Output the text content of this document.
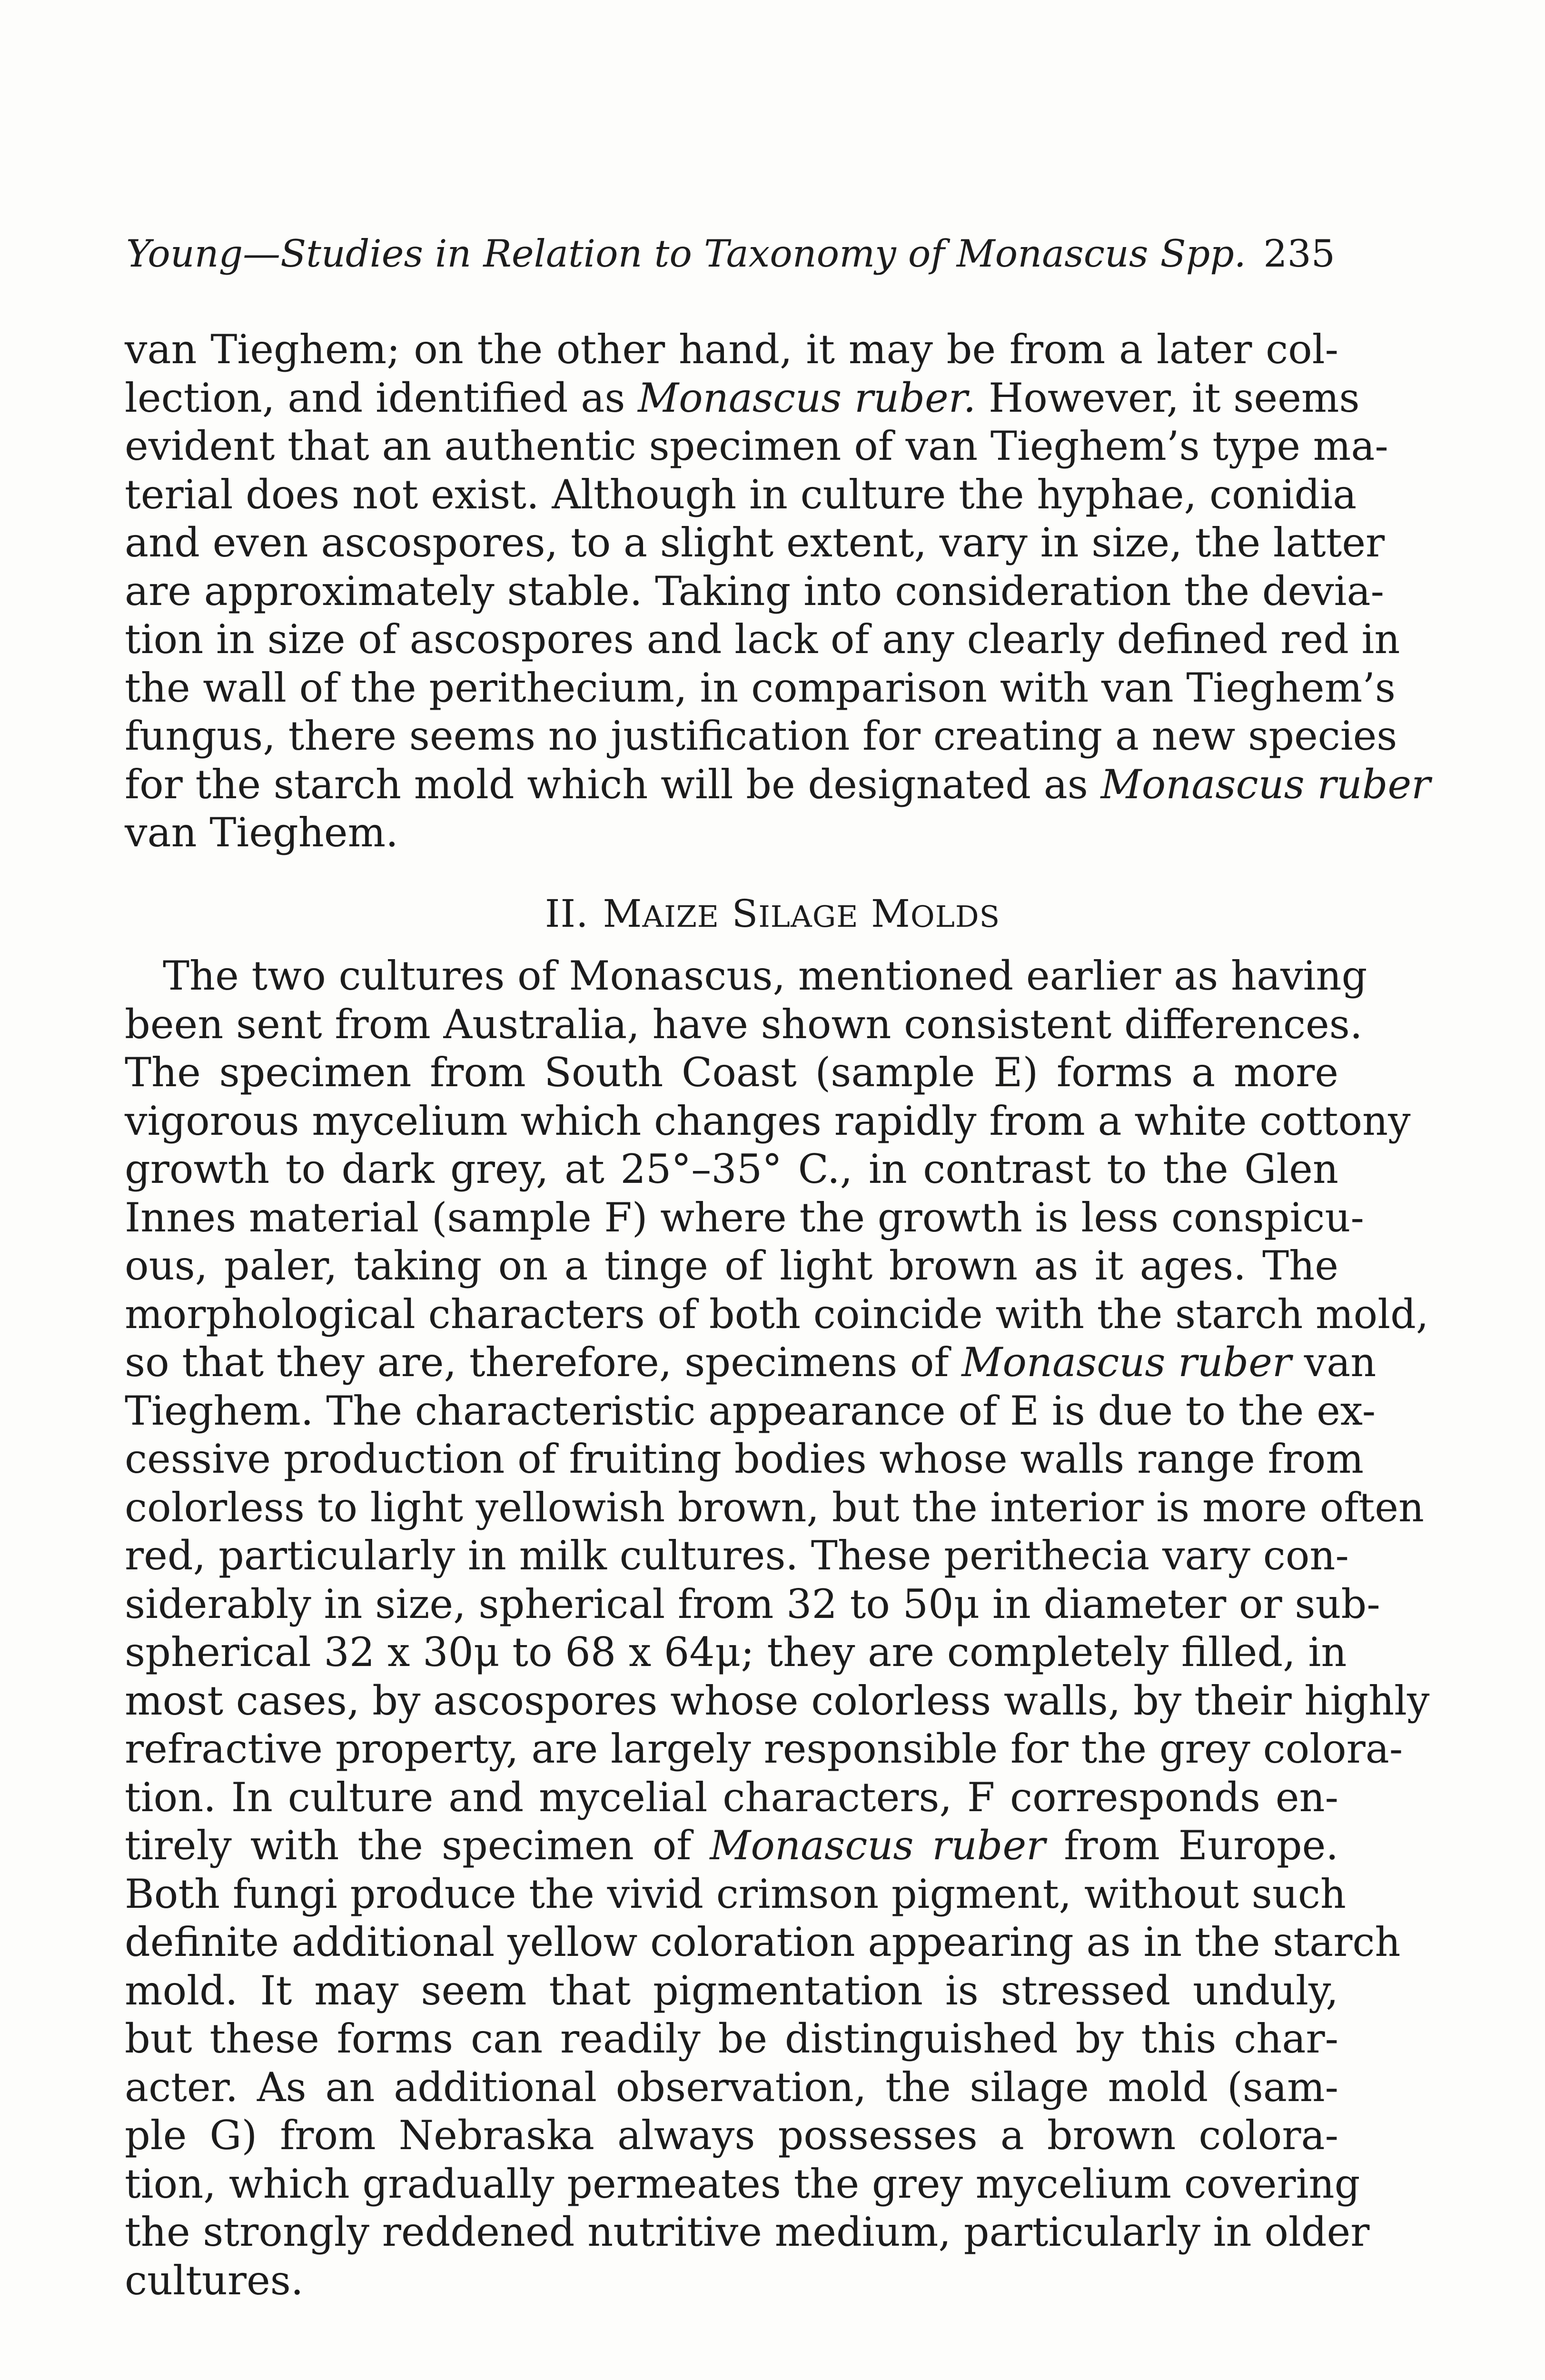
Young—Studies in Relation to Taxonomy of Monascus Spp. 235
van Tieghem; on the other hand, it may be from a later col-
lection, and identified as Monascus ruber. However, it seems
evident that an authentic specimen of van Tieghem’s type ma-
terial does not exist. Although in culture the hyphae, conidia
and even ascospores, to a slight extent, vary in size, the latter
are approximately stable. Taking into consideration the devia-
tion in size of ascospores and lack of any clearly defined red in
the wall of the perithecium, in comparison with van Tieghem’s
fungus, there seems no justification for creating a new species
for the starch mold which will be designated as Monascus ruber
van Tieghem.
II. MAIZE SILAGE MOLDS
The two cultures of Monascus, mentioned earlier as having
been sent from Australia, have shown consistent differences.
The specimen from South Coast (sample E) forms a more
vigorous mycelium which changes rapidly from a white cottony
growth to dark grey, at 25°–35° C., in contrast to the Glen
Innes material (sample F) where the growth is less conspicu-
ous, paler, taking on a tinge of light brown as it ages. The
morphological characters of both coincide with the starch mold,
so that they are, therefore, specimens of Monascus ruber van
Tieghem. The characteristic appearance of E is due to the ex-
cessive production of fruiting bodies whose walls range from
colorless to light yellowish brown, but the interior is more often
red, particularly in milk cultures. These perithecia vary con-
siderably in size, spherical from 32 to 50μ in diameter or sub-
spherical 32 x 30μ to 68 x 64μ; they are completely filled, in
most cases, by ascospores whose colorless walls, by their highly
refractive property, are largely responsible for the grey colora-
tion. In culture and mycelial characters, F corresponds en-
tirely with the specimen of Monascus ruber from Europe.
Both fungi produce the vivid crimson pigment, without such
definite additional yellow coloration appearing as in the starch
mold. It may seem that pigmentation is stressed unduly,
but these forms can readily be distinguished by this char-
acter. As an additional observation, the silage mold (sam-
ple G) from Nebraska always possesses a brown colora-
tion, which gradually permeates the grey mycelium covering
the strongly reddened nutritive medium, particularly in older
cultures.
